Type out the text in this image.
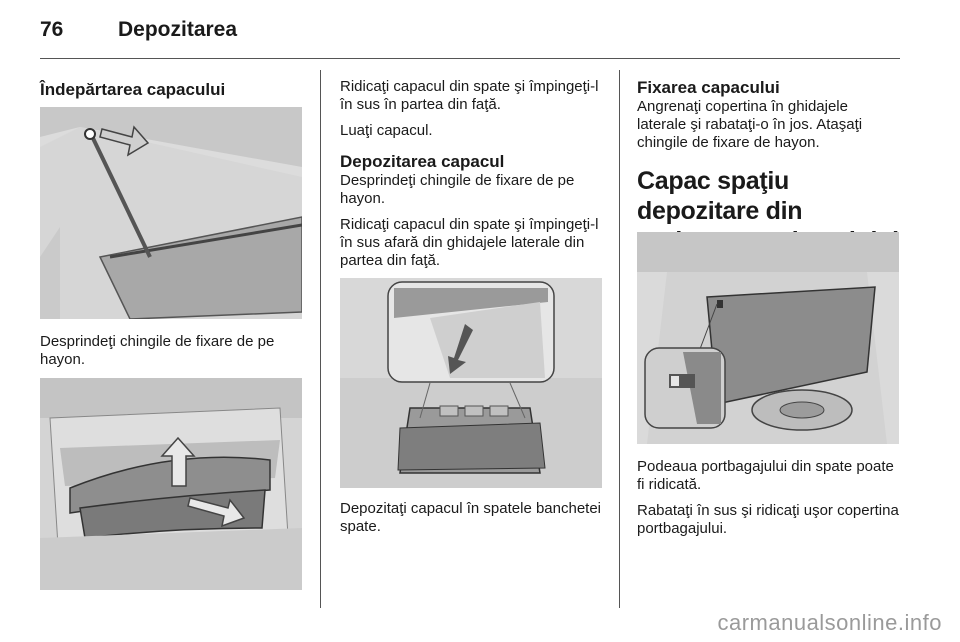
76	Depozitarea
Îndepărtarea capacului

Desprindeţi chingile de fixare de pe hayon.

Ridicaţi capacul din spate şi împingeţi-l în sus în partea din faţă.

Luaţi capacul.

Depozitarea capacul

Desprindeţi chingile de fixare de pe hayon.

Ridicaţi capacul din spate şi împingeţi-l în sus afară din ghidajele laterale din partea din faţă.

Depozitaţi capacul în spatele banchetei spate.

Fixarea capacului

Angrenaţi copertina în ghidajele laterale şi rabataţi-o în jos. Ataşaţi chingile de fixare de hayon.

Capac spaţiu depozitare din

Podeaua portbagajului din spate poate fi ridicată.

Rabataţi în sus şi ridicaţi uşor copertina portbagajului.

carmanualsonline.info
